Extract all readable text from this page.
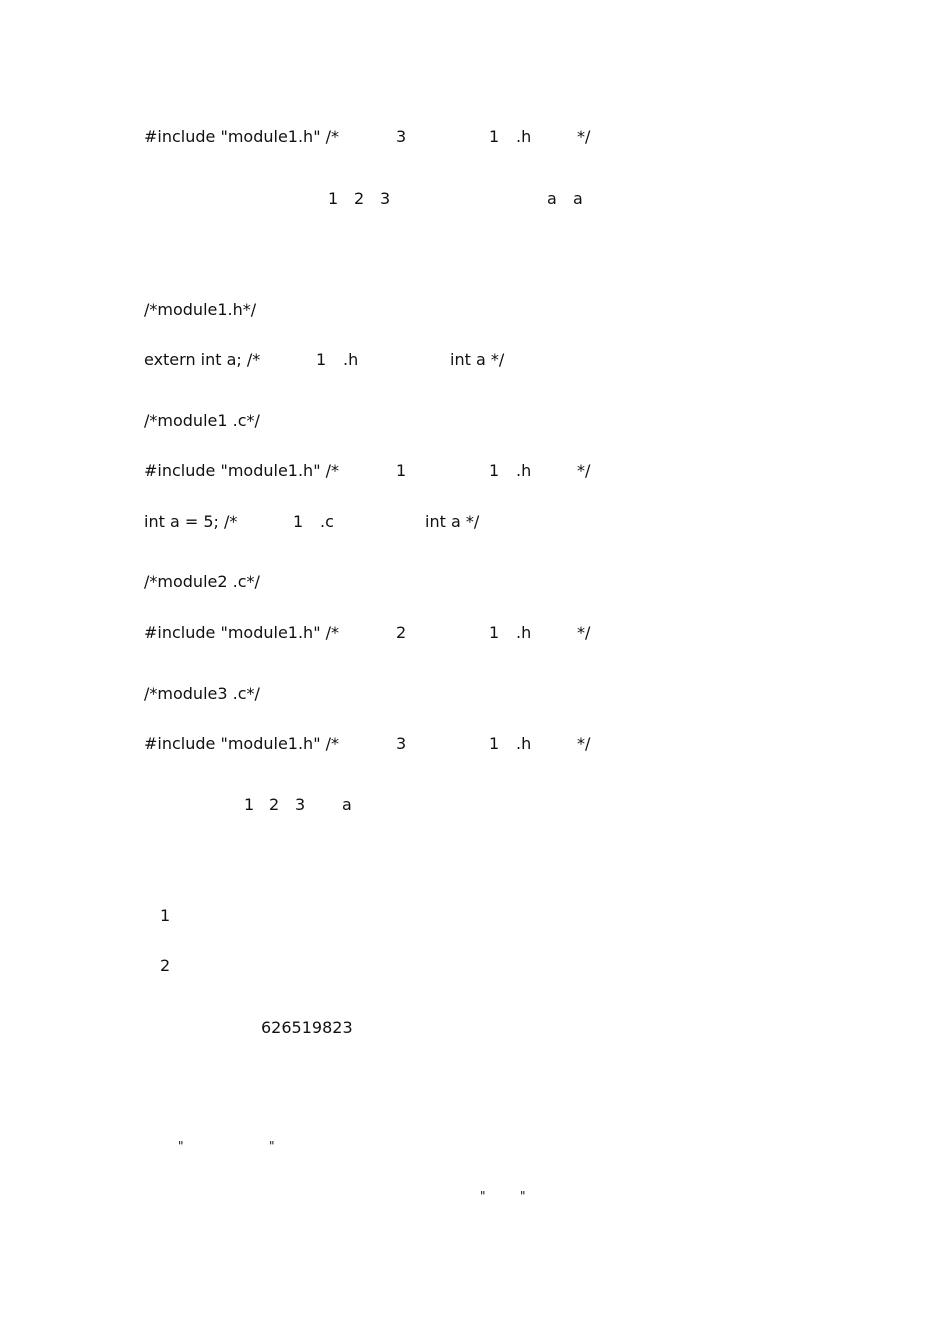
#include "module1.h" /*

	3

	1

.h

	*/

1

2

3

	a

a

/*module1.h*/

extern int a; /*

	1

.h

	int a */

/*module1 .c*/

#include "module1.h" /*

	1

	1

.h

	*/

int a = 5; /*

	1

.c

	int a */

/*module2 .c*/

#include "module1.h" /*

	2

	1

.h

	*/

/*module3 .c*/

#include "module1.h" /*

	3

	1

.h

	*/

1

2

3

a

1

2

626519823

"

	"

"

	"
